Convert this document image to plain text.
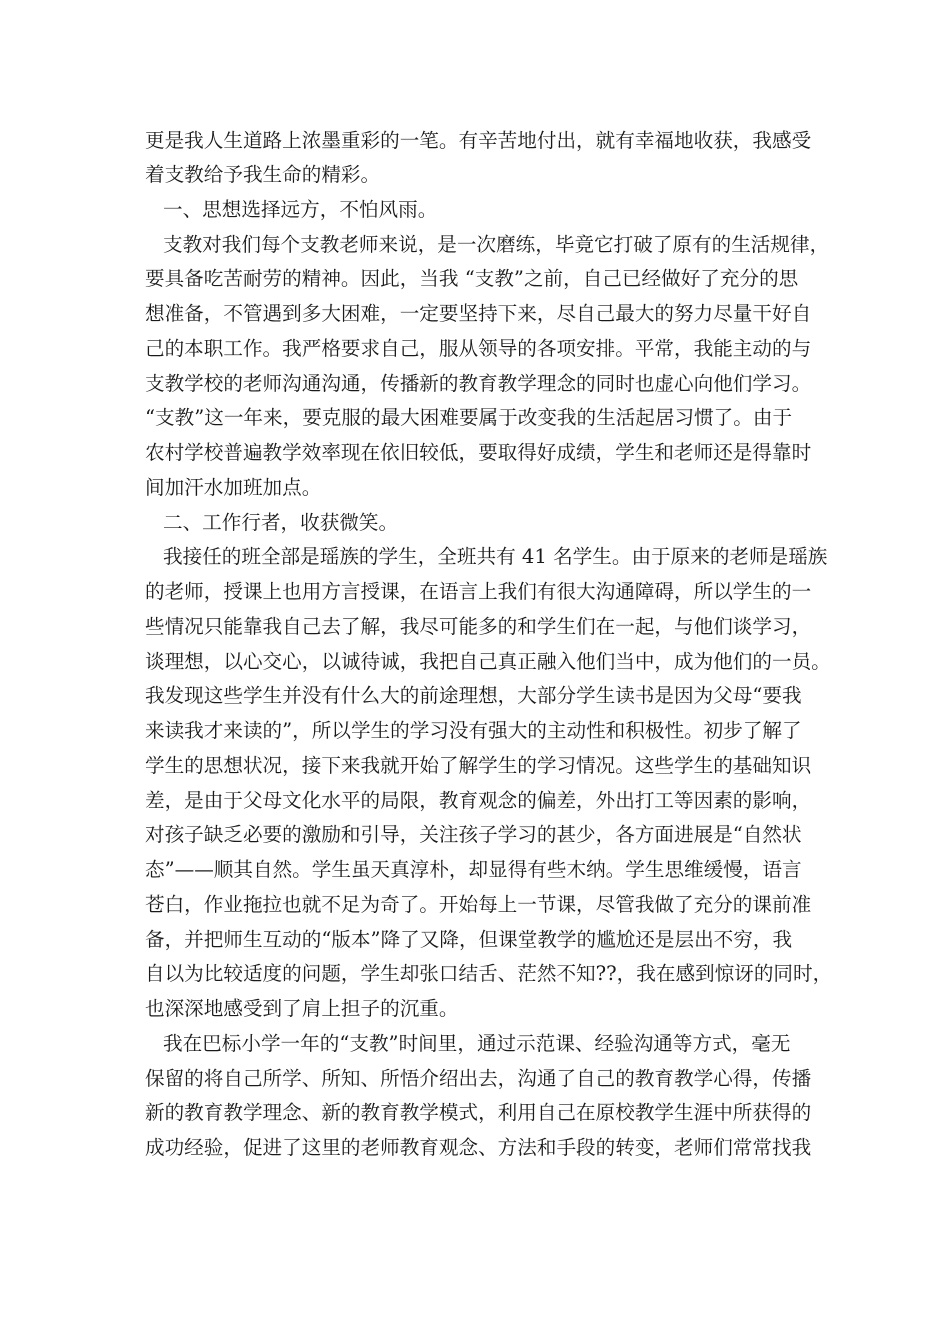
更是我人生道路上浓墨重彩的一笔。有辛苦地付出，就有幸福地收获，我感受
着支教给予我生命的精彩。
一、思想选择远方，不怕风雨。
支教对我们每个支教老师来说，是一次磨练，毕竟它打破了原有的生活规律，
要具备吃苦耐劳的精神。因此，当我 “支教”之前，自己已经做好了充分的思
想准备，不管遇到多大困难，一定要坚持下来，尽自己最大的努力尽量干好自
己的本职工作。我严格要求自己，服从领导的各项安排。平常，我能主动的与
支教学校的老师沟通沟通，传播新的教育教学理念的同时也虚心向他们学习。
“支教”这一年来，要克服的最大困难要属于改变我的生活起居习惯了。由于
农村学校普遍教学效率现在依旧较低，要取得好成绩，学生和老师还是得靠时
间加汗水加班加点。
二、工作行者，收获微笑。
我接任的班全部是瑶族的学生，全班共有 41 名学生。由于原来的老师是瑶族
的老师，授课上也用方言授课，在语言上我们有很大沟通障碍，所以学生的一
些情况只能靠我自己去了解，我尽可能多的和学生们在一起，与他们谈学习，
谈理想，以心交心，以诚待诚，我把自己真正融入他们当中，成为他们的一员。
我发现这些学生并没有什么大的前途理想，大部分学生读书是因为父母“要我
来读我才来读的”，所以学生的学习没有强大的主动性和积极性。初步了解了
学生的思想状况，接下来我就开始了解学生的学习情况。这些学生的基础知识
差，是由于父母文化水平的局限，教育观念的偏差，外出打工等因素的影响，
对孩子缺乏必要的激励和引导，关注孩子学习的甚少，各方面进展是“自然状
态”——顺其自然。学生虽天真淳朴，却显得有些木纳。学生思维缓慢，语言
苍白，作业拖拉也就不足为奇了。开始每上一节课，尽管我做了充分的课前准
备，并把师生互动的“版本”降了又降，但课堂教学的尴尬还是层出不穷，我
自以为比较适度的问题，学生却张口结舌、茫然不知??，我在感到惊讶的同时，
也深深地感受到了肩上担子的沉重。
我在巴标小学一年的“支教”时间里，通过示范课、经验沟通等方式，毫无
保留的将自己所学、所知、所悟介绍出去，沟通了自己的教育教学心得，传播
新的教育教学理念、新的教育教学模式，利用自己在原校教学生涯中所获得的
成功经验，促进了这里的老师教育观念、方法和手段的转变，老师们常常找我
